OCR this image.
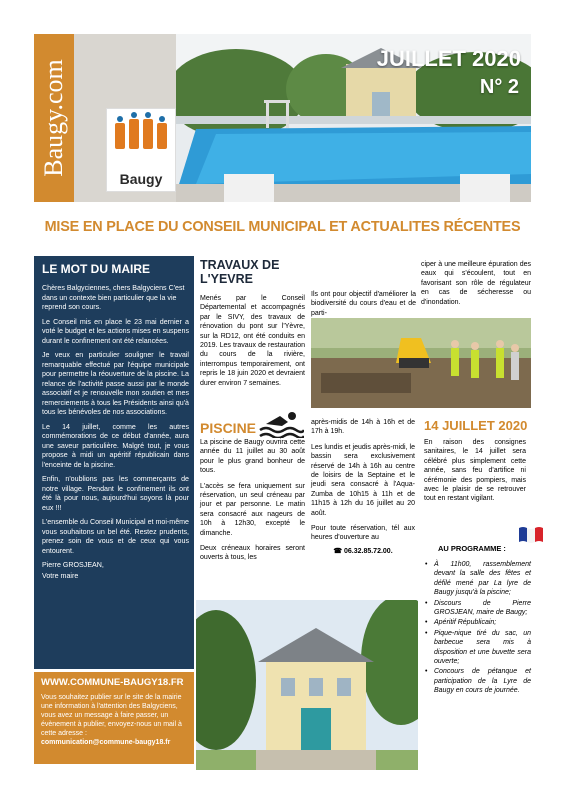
Baugy.com
Baugy
JUILLET 2020
N° 2
MISE EN PLACE DU CONSEIL MUNICIPAL ET ACTUALITES RÉCENTES
LE MOT DU MAIRE

Chères Balgyciennes, chers Balgyciens C'est dans un contexte bien particulier que la vie reprend son cours.

Le Conseil mis en place le 23 mai dernier a voté le budget et les actions mises en suspens durant le confinement ont été relancées.

Je veux en particulier souligner le travail remarquable effectué par l'équipe municipale pour permettre la réouverture de la piscine. La relance de l'activité passe aussi par le monde associatif et je renouvelle mon soutien et mes remerciements à tous les Présidents ainsi qu'à tous les bénévoles de nos associations.

Le 14 juillet, comme les autres commémorations de ce début d'année, aura une saveur particulière. Malgré tout, je vous propose à midi un apéritif républicain dans l'enceinte de la piscine.

Enfin, n'oublions pas les commerçants de notre village. Pendant le confinement ils ont été là pour nous, aujourd'hui soyons là pour eux !!!

L'ensemble du Conseil Municipal et moi-même vous souhaitons un bel été. Restez prudents, prenez soin de vous et de ceux qui vous entourent.

Pierre GROSJEAN,

Votre maire

WWW.COMMUNE-BAUGY18.FR
Vous souhaitez publier sur le site de la mairie une information à l'attention des Balgyciens, vous avez un message à faire passer, un évènement à publier, envoyez-nous un mail à cette adresse :
communication@commune-baugy18.fr
TRAVAUX DE L'YEVRE
Menés par le Conseil Départemental et accompagnés par le SIVY, des travaux de rénovation du pont sur l'Yèvre, sur la RD12, ont été conduits en 2019. Les travaux de restauration du cours de la rivière, interrompus temporairement, ont repris le 18 juin 2020 et devraient durer environ 7 semaines.
Ils ont pour objectif d'améliorer la biodiversité du cours d'eau et de parti-
ciper à une meilleure épuration des eaux qui s'écoulent, tout en favorisant son rôle de régulateur en cas de sécheresse ou d'inondation.
PISCINE

La piscine de Baugy ouvrira cette année du 11 juillet au 30 août pour le plus grand bonheur de tous.

L'accès se fera uniquement sur réservation, un seul créneau par jour et par personne. Le matin sera consacré aux nageurs de 10h à 12h30, excepté le dimanche.

Deux créneaux horaires seront ouverts à tous, les

après-midis de 14h à 16h et de 17h à 19h.

Les lundis et jeudis après-midi, le bassin sera exclusivement réservé de 14h à 16h au centre de loisirs de la Septaine et le jeudi sera consacré à l'Aqua-Zumba de 10h15 à 11h et de 11h15 à 12h du 16 juillet au 20 août.

Pour toute réservation, tél aux heures d'ouverture au

☎ 06.32.85.72.00.

14 JUILLET 2020
En raison des consignes sanitaires, le 14 juillet sera célébré plus simplement cette année, sans feu d'artifice ni cérémonie des pompiers, mais avec le plaisir de se retrouver tout en restant vigilant.
AU PROGRAMME :
• À 11h00, rassemblement devant la salle des fêtes et défilé mené par La lyre de Baugy jusqu'à la piscine;
• Discours de Pierre GROSJEAN, maire de Baugy;
• Apéritif Républicain;
• Pique-nique tiré du sac, un barbecue sera mis à disposition et une buvette sera ouverte;
• Concours de pétanque et participation de la Lyre de Baugy en cours de journée.
